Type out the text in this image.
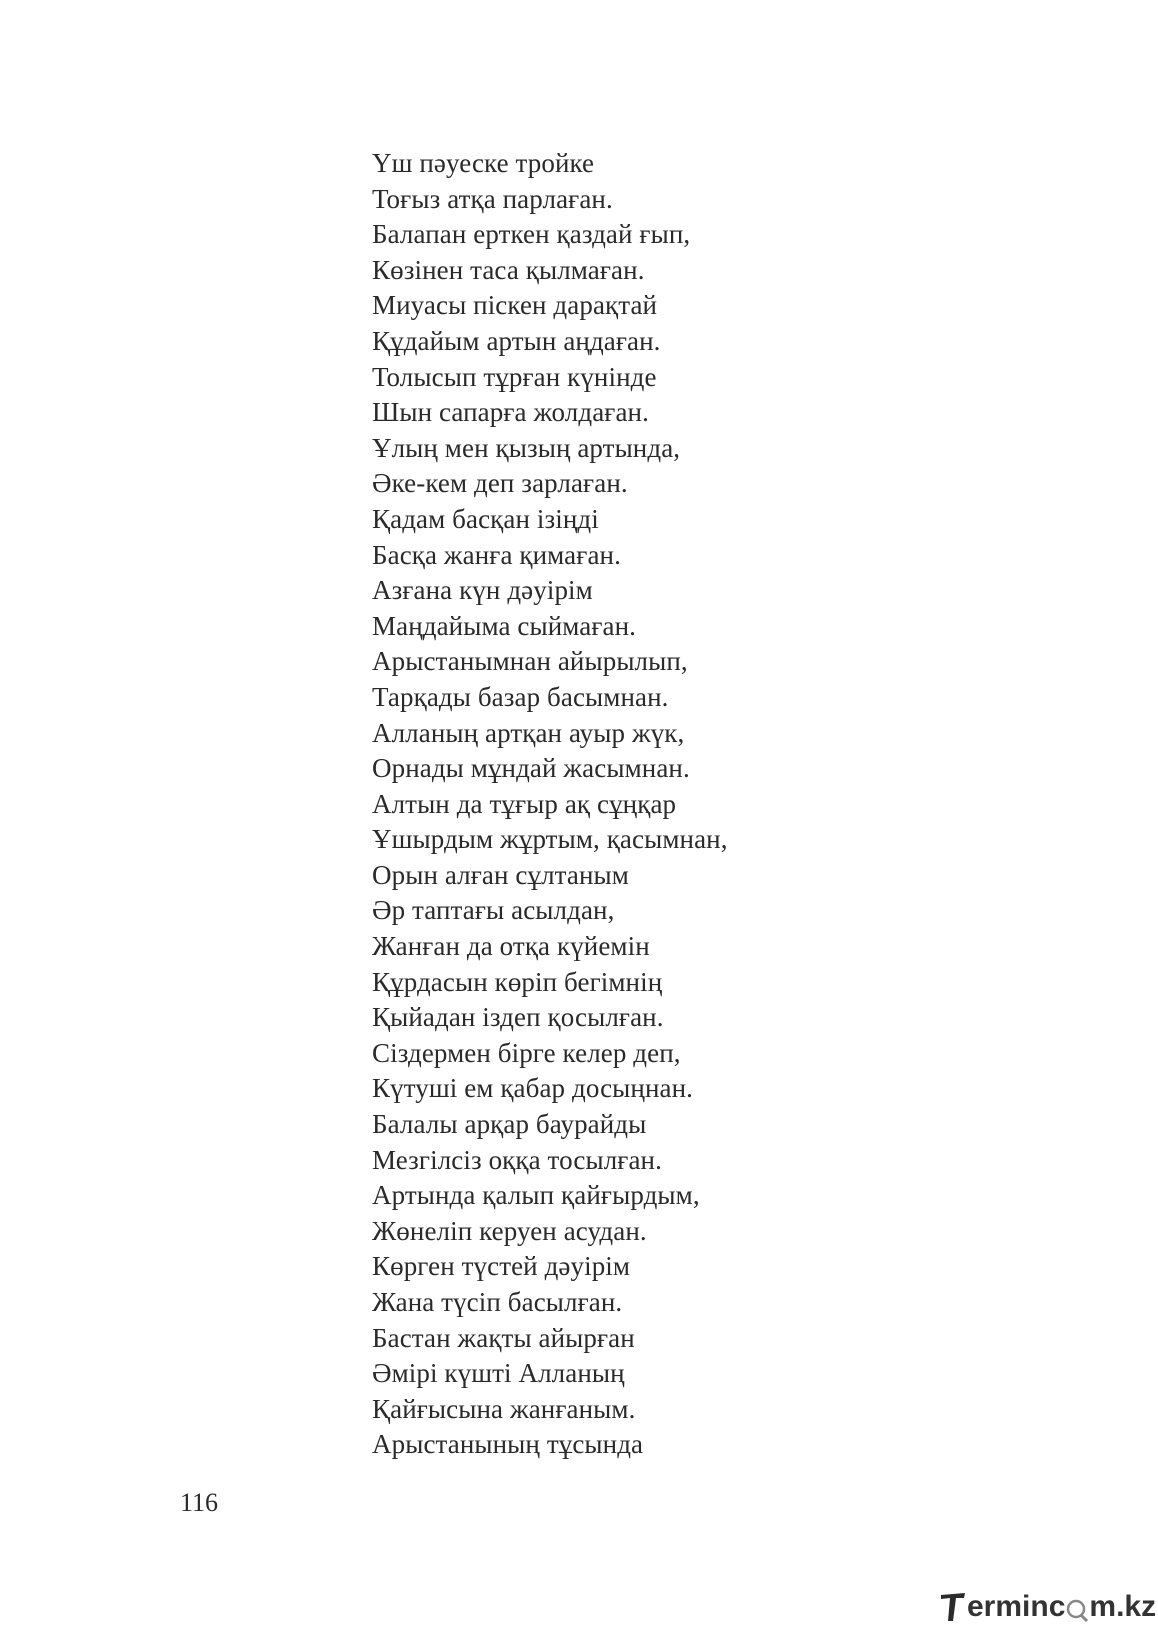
Үш пәуеске тройке
Тоғыз атқа парлаған.
Балапан ерткен қаздай ғып,
Көзінен таса қылмаған.
Миуасы піскен дарақтай
Құдайым артын аңдаған.
Толысып тұрған күнінде
Шын сапарға жолдаған.
Ұлың мен қызың артында,
Әке-кем деп зарлаған.
Қадам басқан ізіңді
Басқа жанға қимаған.
Азғана күн дәуірім
Маңдайыма сыймаған.
Арыстанымнан айырылып,
Тарқады базар басымнан.
Алланың артқан ауыр жүк,
Орнады мұндай жасымнан.
Алтын да тұғыр ақ сұңқар
Ұшырдым жұртым, қасымнан,
Орын алған сұлтаным
Әр таптағы асылдан,
Жанған да отқа күйемін
Құрдасын көріп бегімнің
Қыйадан іздеп қосылған.
Сіздермен бірге келер деп,
Күтуші ем қабар досыңнан.
Балалы арқар баурайды
Мезгілсіз оққа тосылған.
Артында қалып қайғырдым,
Жөнеліп керуен асудан.
Көрген түстей дәуірім
Жана түсіп басылған.
Бастан жақты айырған
Әмірі күшті Алланың
Қайғысына жанғаным.
Арыстанының тұсында
116
erminc m.kz
